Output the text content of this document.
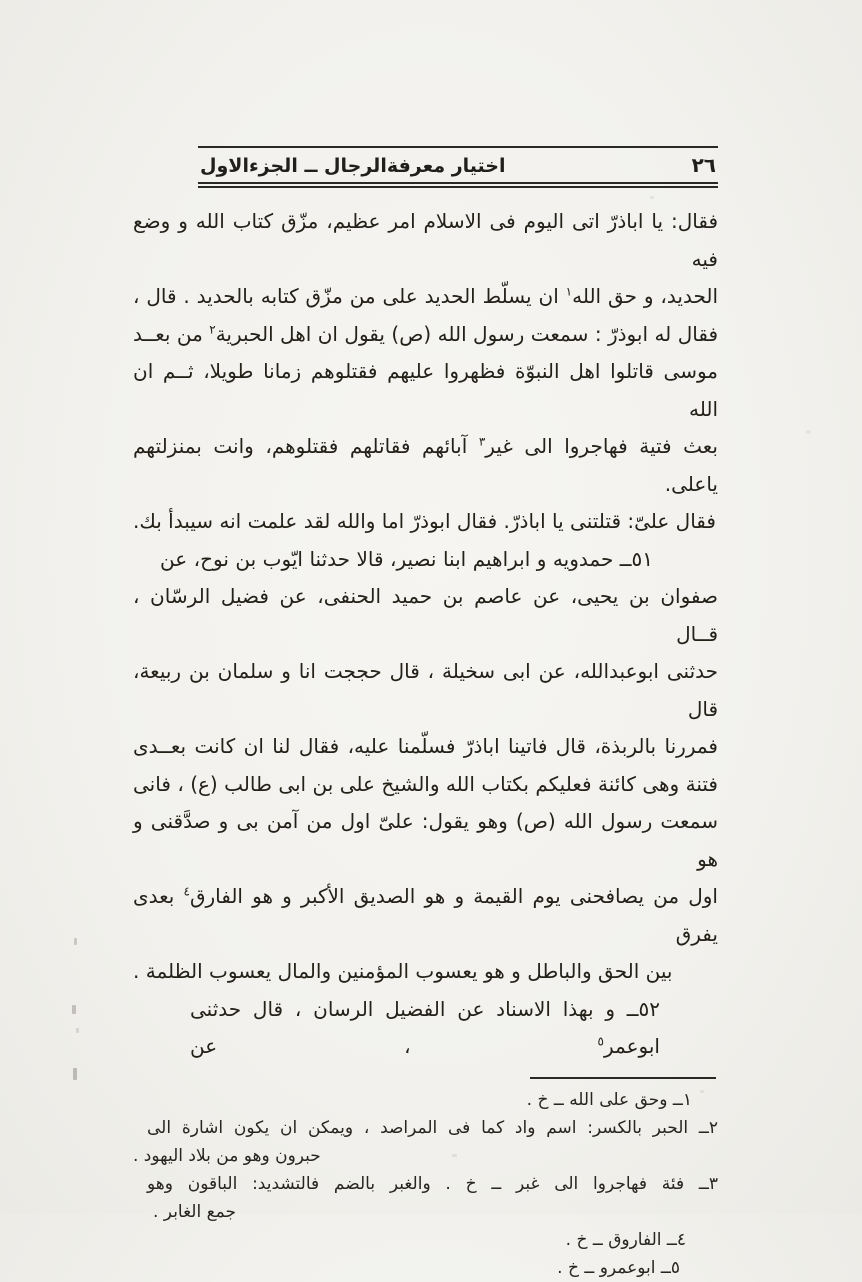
اختيار معرفةالرجال ــ الجزءالاول	٢٦
فقال: يا اباذرّ اتى اليوم فى الاسلام امر عظيم، مزّق كتاب الله و وضع فيه
الحديد، و حق الله$^١$ ان يسلّط الحديد على من مزّق كتابه بالحديد . قال ،
فقال له ابوذرّ : سمعت رسول الله (ص) يقول ان اهل الحبرية$^٢$ من بعــد
موسى قاتلوا اهل النبوّة فظهروا عليهم فقتلوهم زمانا طويلا، ثــم ان الله
بعث فتية فهاجروا الى غير$^٣$ آبائهم فقاتلهم فقتلوهم، وانت بمنزلتهم ياعلى.
فقال علىّ: قتلتنى يا اباذرّ. فقال ابوذرّ اما والله لقد علمت انه سيبدأ بك.
٥١ــ حمدويه و ابراهيم ابنا نصير، قالا حدثنا ايّوب بن نوح، عن
صفوان بن يحيى، عن عاصم بن حميد الحنفى، عن فضيل الرسّان ، قــال
حدثنى ابوعبدالله، عن ابى سخيلة ، قال حججت انا و سلمان بن ربيعة، قال
فمررنا بالربذة، قال فاتينا اباذرّ فسلّمنا عليه، فقال لنا ان كانت بعــدى
فتنة وهى كائنة فعليكم بكتاب الله والشيخ على بن ابى طالب (ع) ، فانى
سمعت رسول الله (ص) وهو يقول: علىّ اول من آمن بى و صدَّقنى و هو
اول من يصافحنى يوم القيمة و هو الصديق الأكبر و هو الفارق$^٤$ بعدى يفرق
بين الحق والباطل و هو يعسوب المؤمنين والمال يعسوب الظلمة .
٥٢ــ و بهذا الاسناد عن الفضيل الرسان ، قال حدثنى ابوعمر$^٥$ ، عن
١ــ وحق على الله ــ خ .
٢ــ الحبر بالكسر: اسم واد كما فى المراصد ، ويمكن ان يكون اشارة الى
حبرون وهو من بلاد اليهود .
٣ــ فئة فهاجروا الى غبر ــ خ . والغبر بالضم فالتشديد: الباقون وهو
جمع الغابر .
٤ــ الفاروق ــ خ .
٥ــ ابوعمرو ــ خ .
